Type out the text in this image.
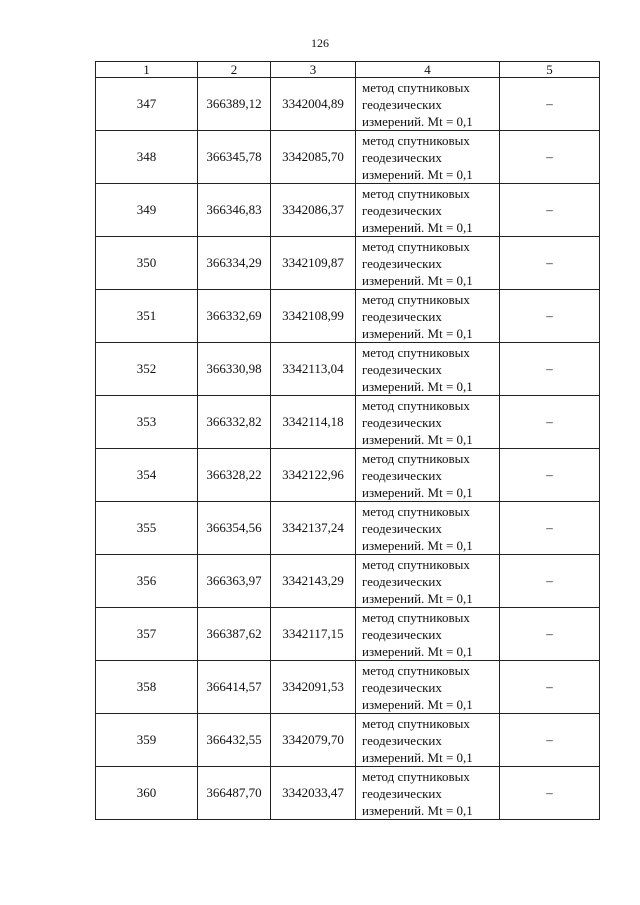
126
1	2	3	4	5
347	366389,12	3342004,89	метод спутниковых
геодезических
измерений. Mt = 0,1	–
348	366345,78	3342085,70	метод спутниковых
геодезических
измерений. Mt = 0,1	–
349	366346,83	3342086,37	метод спутниковых
геодезических
измерений. Mt = 0,1	–
350	366334,29	3342109,87	метод спутниковых
геодезических
измерений. Mt = 0,1	–
351	366332,69	3342108,99	метод спутниковых
геодезических
измерений. Mt = 0,1	–
352	366330,98	3342113,04	метод спутниковых
геодезических
измерений. Mt = 0,1	–
353	366332,82	3342114,18	метод спутниковых
геодезических
измерений. Mt = 0,1	–
354	366328,22	3342122,96	метод спутниковых
геодезических
измерений. Mt = 0,1	–
355	366354,56	3342137,24	метод спутниковых
геодезических
измерений. Mt = 0,1	–
356	366363,97	3342143,29	метод спутниковых
геодезических
измерений. Mt = 0,1	–
357	366387,62	3342117,15	метод спутниковых
геодезических
измерений. Mt = 0,1	–
358	366414,57	3342091,53	метод спутниковых
геодезических
измерений. Mt = 0,1	–
359	366432,55	3342079,70	метод спутниковых
геодезических
измерений. Mt = 0,1	–
360	366487,70	3342033,47	метод спутниковых
геодезических
измерений. Mt = 0,1	–
